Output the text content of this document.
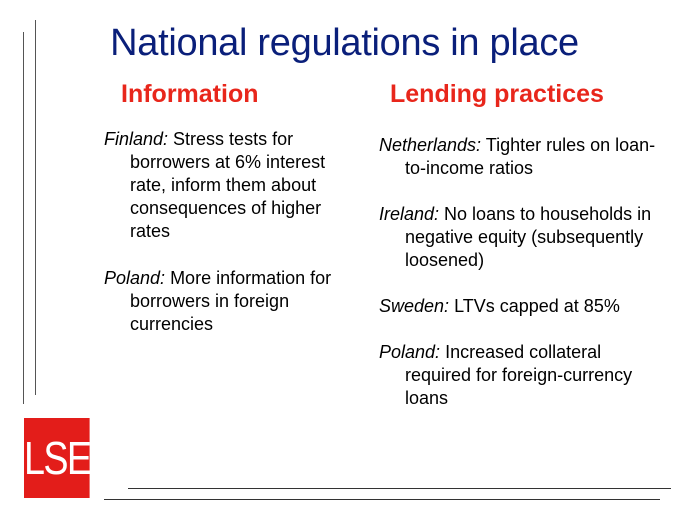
National regulations in place
Information	Lending practices
Finland: Stress tests for borrowers at 6% interest rate, inform them about consequences of higher rates
Poland: More information for borrowers in foreign currencies
Netherlands: Tighter rules on loan-to-income ratios
Ireland: No loans to households in negative equity (subsequently loosened)
Sweden: LTVs capped at 85%
Poland: Increased collateral required for foreign-currency loans
LSE
